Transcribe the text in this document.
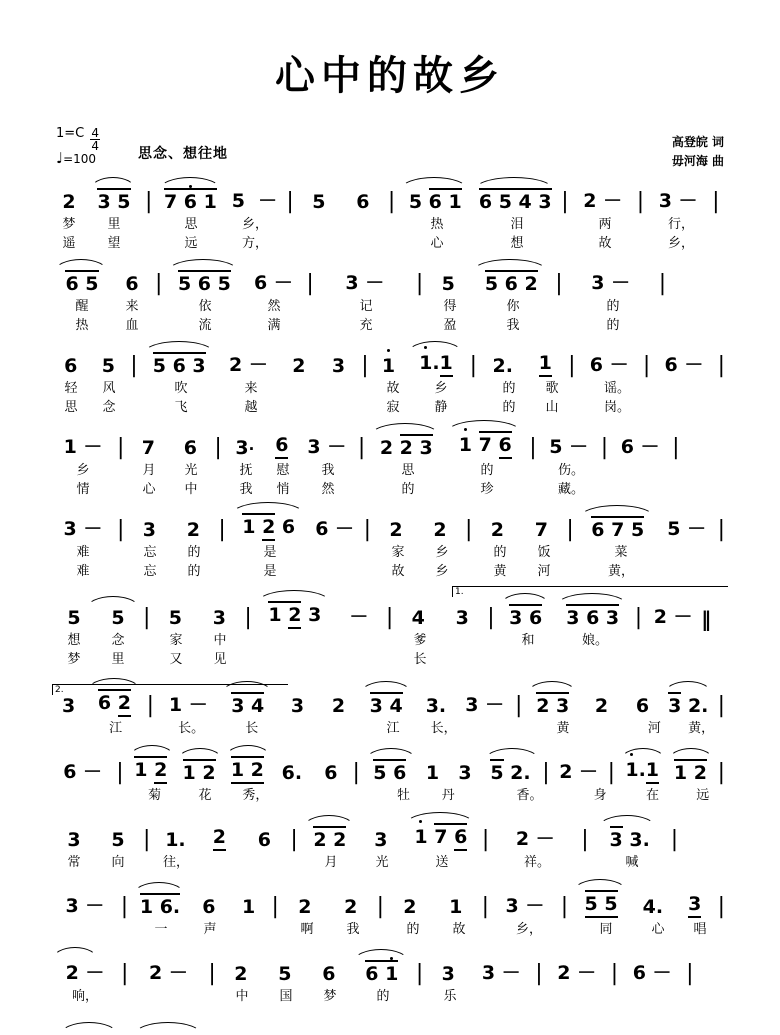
心中的故乡
$1=C \frac{4}{4}$
♩=100	思念、想往地
高登皖 词
毋河海 曲
2	3 5 | 7 6 1 5  － | 5	6 | 5 6 1 6 5 4 3 | 2 － | 3 － |
梦	里	思	乡，	热	泪	两	行，
遥	望	远	方，	心	想	故	乡，
6 5	6 | 5 6 5	6 － |	3 －	| 5	5 6 2 |	3 －	|
醒	来	依	然	记	得	你	的
热	血	流	满	充	盈	我	的
6	5 | 5 6 3	2 －	2	3 | 1	1.1 | 2.	1 | 6 － | 6 － |
轻	风	吹	来	故	乡	的	歌	谣。
思	念	飞	越	寂	静	的	山	岗。
1 － | 7	6 | 3·	6 3 － | 2 2 3	1 7 6 | 5 － | 6 － |
乡	月	光	抚	慰	我	思	的	伤。
情	心	中	我	悄	然	的	珍	藏。
3 － | 3	2 | 1 2 6	6 － | 2	2 | 2	7 | 6 7 5	5 － |
难	忘	的	是	家	乡	的	饭	菜
难	忘	的	是	故	乡	黄	河	黄，
1.
5	5 | 5	3 | 1 2 3	－ | 4	3 | 3 6	3 6 3 | 2 － ‖
想	念	家	中	爹	和	娘。
梦	里	又	见	长
2.
3	6 2 | 1 －	3 4	3	2	3 4	3.	3 － | 2 3	2	6	3 2. |
江	长。	长	江	长，	黄	河	黄，
6 － | 1 2 1 2 1 2 6.	6 | 5 6	1	3 5 2. | 2 － | 1.1 1 2 |
菊	花	秀，	牡	丹	香。	身	在	远
3	5 | 1.	2	6 | 2 2	3	1 7 6 |	2 －	|	3 3. |
常	向	往，	月	光	送	祥。	喊
3 － | 1 6.	6	1 |	2	2 |	2	1 | 3 － | 5 5	4.	3 |
一	声	啊	我	的	故	乡，	同	心	唱
2 － |	2 － | 2	5	6	6 1 | 3	3 － | 2 － | 6 － |
响，	中	国	梦	的	乐
